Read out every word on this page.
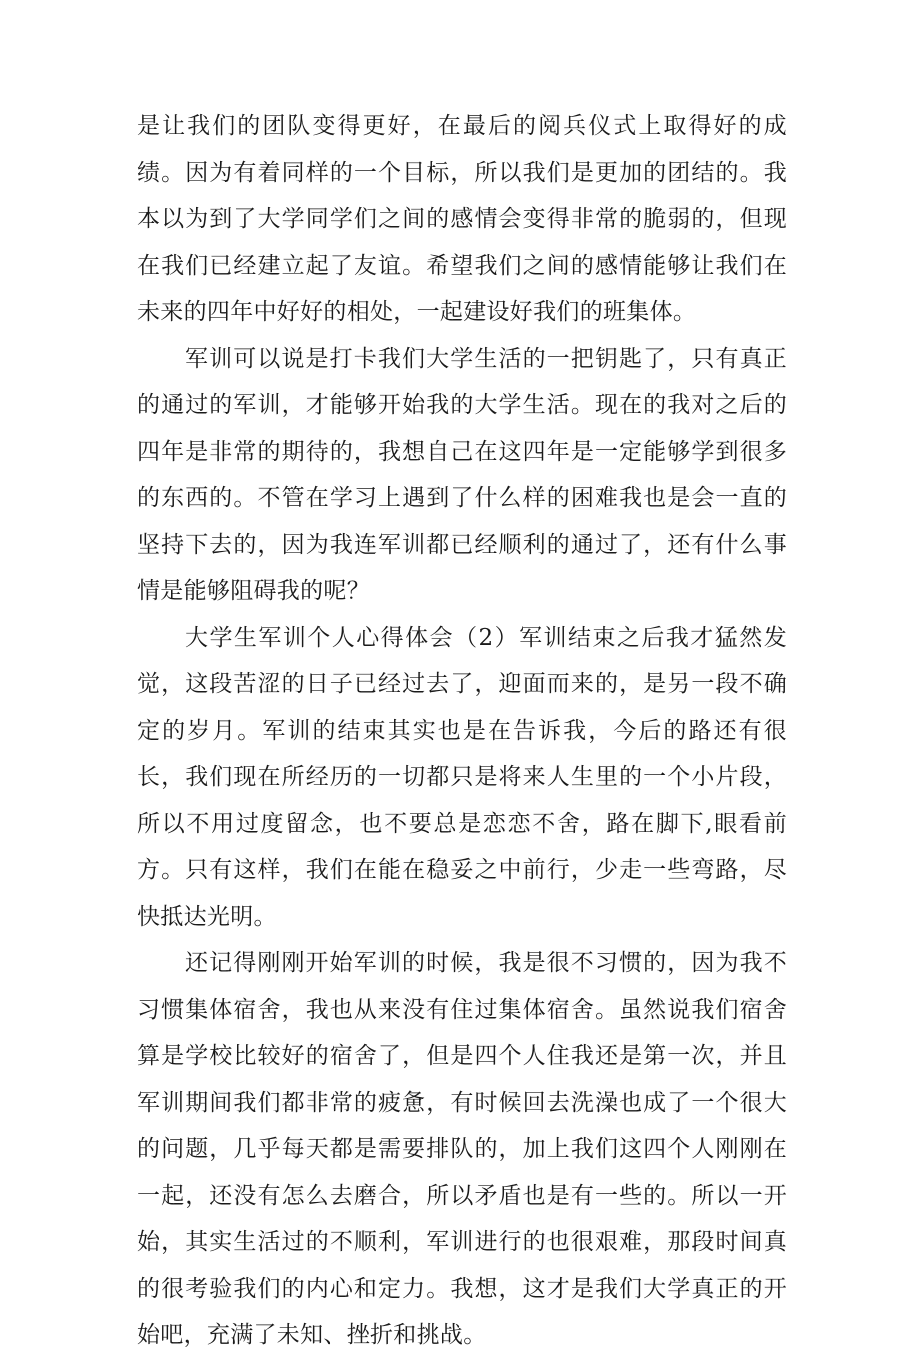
是让我们的团队变得更好，在最后的阅兵仪式上取得好的成绩。因为有着同样的一个目标，所以我们是更加的团结的。我本以为到了大学同学们之间的感情会变得非常的脆弱的，但现在我们已经建立起了友谊。希望我们之间的感情能够让我们在未来的四年中好好的相处，一起建设好我们的班集体。

军训可以说是打卡我们大学生活的一把钥匙了，只有真正的通过的军训，才能够开始我的大学生活。现在的我对之后的四年是非常的期待的，我想自己在这四年是一定能够学到很多的东西的。不管在学习上遇到了什么样的困难我也是会一直的坚持下去的，因为我连军训都已经顺利的通过了，还有什么事情是能够阻碍我的呢？

大学生军训个人心得体会（2）军训结束之后我才猛然发觉，这段苦涩的日子已经过去了，迎面而来的，是另一段不确定的岁月。军训的结束其实也是在告诉我，今后的路还有很长，我们现在所经历的一切都只是将来人生里的一个小片段，所以不用过度留念，也不要总是恋恋不舍，路在脚下,眼看前方。只有这样，我们在能在稳妥之中前行，少走一些弯路，尽快抵达光明。

还记得刚刚开始军训的时候，我是很不习惯的，因为我不习惯集体宿舍，我也从来没有住过集体宿舍。虽然说我们宿舍算是学校比较好的宿舍了，但是四个人住我还是第一次，并且军训期间我们都非常的疲惫，有时候回去洗澡也成了一个很大的问题，几乎每天都是需要排队的，加上我们这四个人刚刚在一起，还没有怎么去磨合，所以矛盾也是有一些的。所以一开始，其实生活过的不顺利，军训进行的也很艰难，那段时间真的很考验我们的内心和定力。我想，这才是我们大学真正的开始吧，充满了未知、挫折和挑战。
